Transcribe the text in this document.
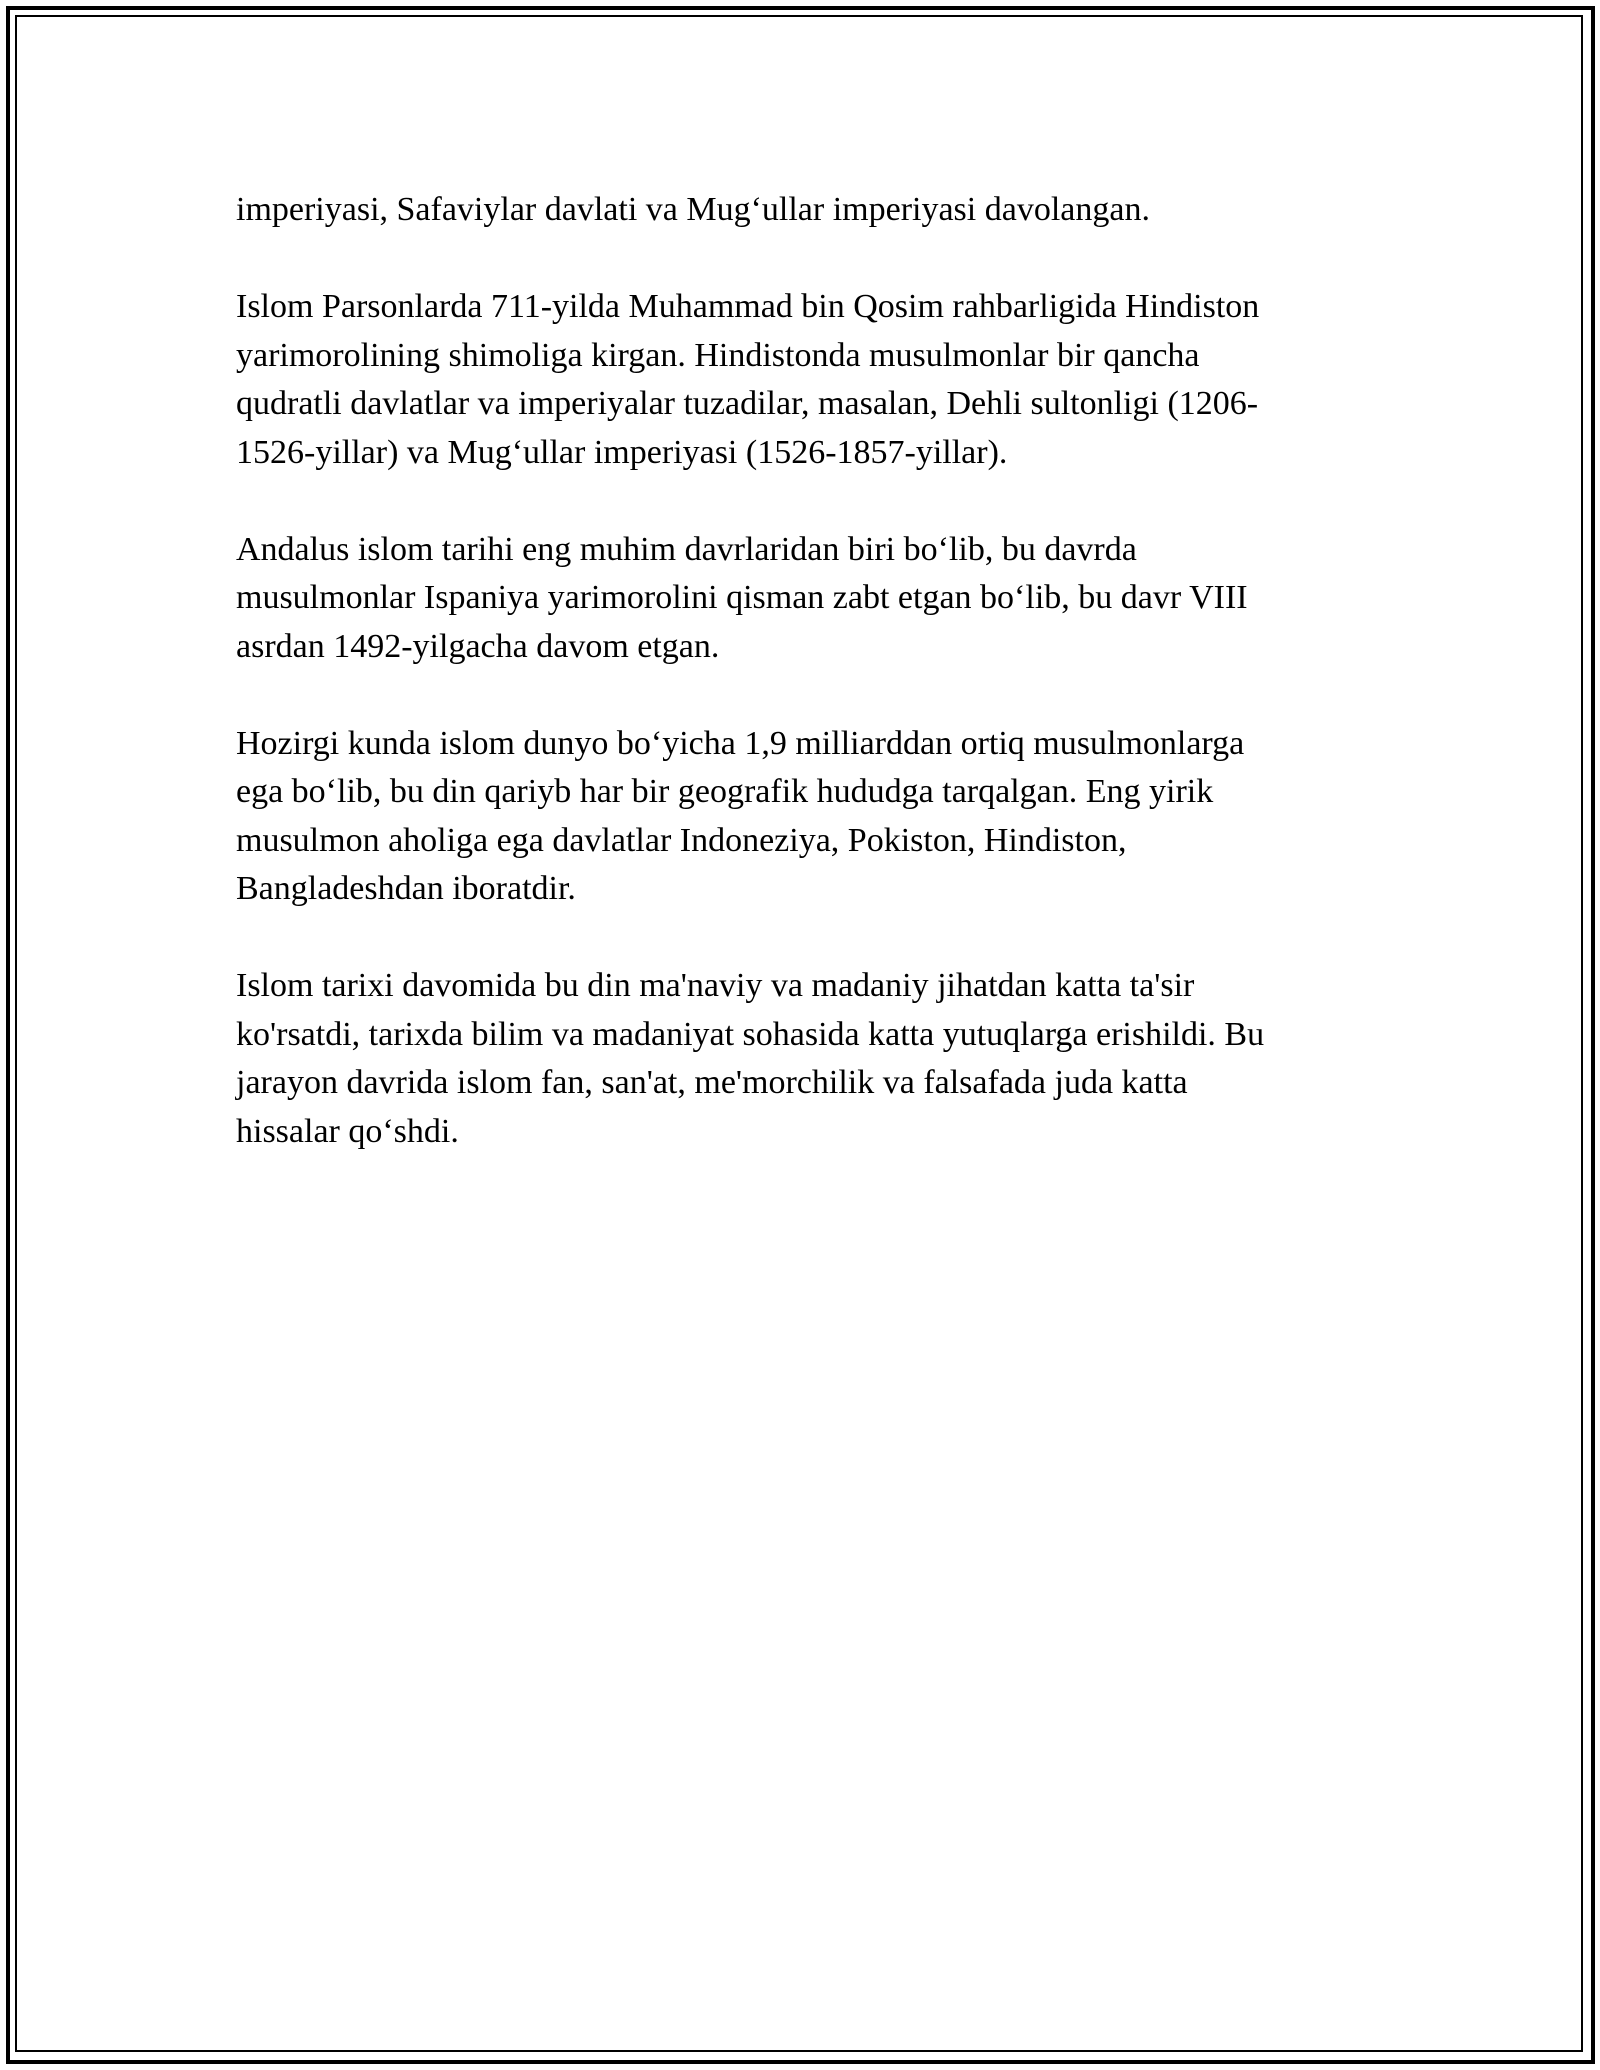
imperiyasi, Safaviylar davlati va Mug‘ullar imperiyasi davolangan.

Islom Parsonlarda 711-yilda Muhammad bin Qosim rahbarligida Hindiston
yarimorolining shimoliga kirgan. Hindistonda musulmonlar bir qancha
qudratli davlatlar va imperiyalar tuzadilar, masalan, Dehli sultonligi (1206-
1526-yillar) va Mug‘ullar imperiyasi (1526-1857-yillar).

Andalus islom tarihi eng muhim davrlaridan biri bo‘lib, bu davrda
musulmonlar Ispaniya yarimorolini qisman zabt etgan bo‘lib, bu davr VIII
asrdan 1492-yilgacha davom etgan.

Hozirgi kunda islom dunyo bo‘yicha 1,9 milliarddan ortiq musulmonlarga
ega bo‘lib, bu din qariyb har bir geografik hududga tarqalgan. Eng yirik
musulmon aholiga ega davlatlar Indoneziya, Pokiston, Hindiston,
Bangladeshdan iboratdir.

Islom tarixi davomida bu din ma'naviy va madaniy jihatdan katta ta'sir
ko'rsatdi, tarixda bilim va madaniyat sohasida katta yutuqlarga erishildi. Bu
jarayon davrida islom fan, san'at, me'morchilik va falsafada juda katta
hissalar qo‘shdi.
